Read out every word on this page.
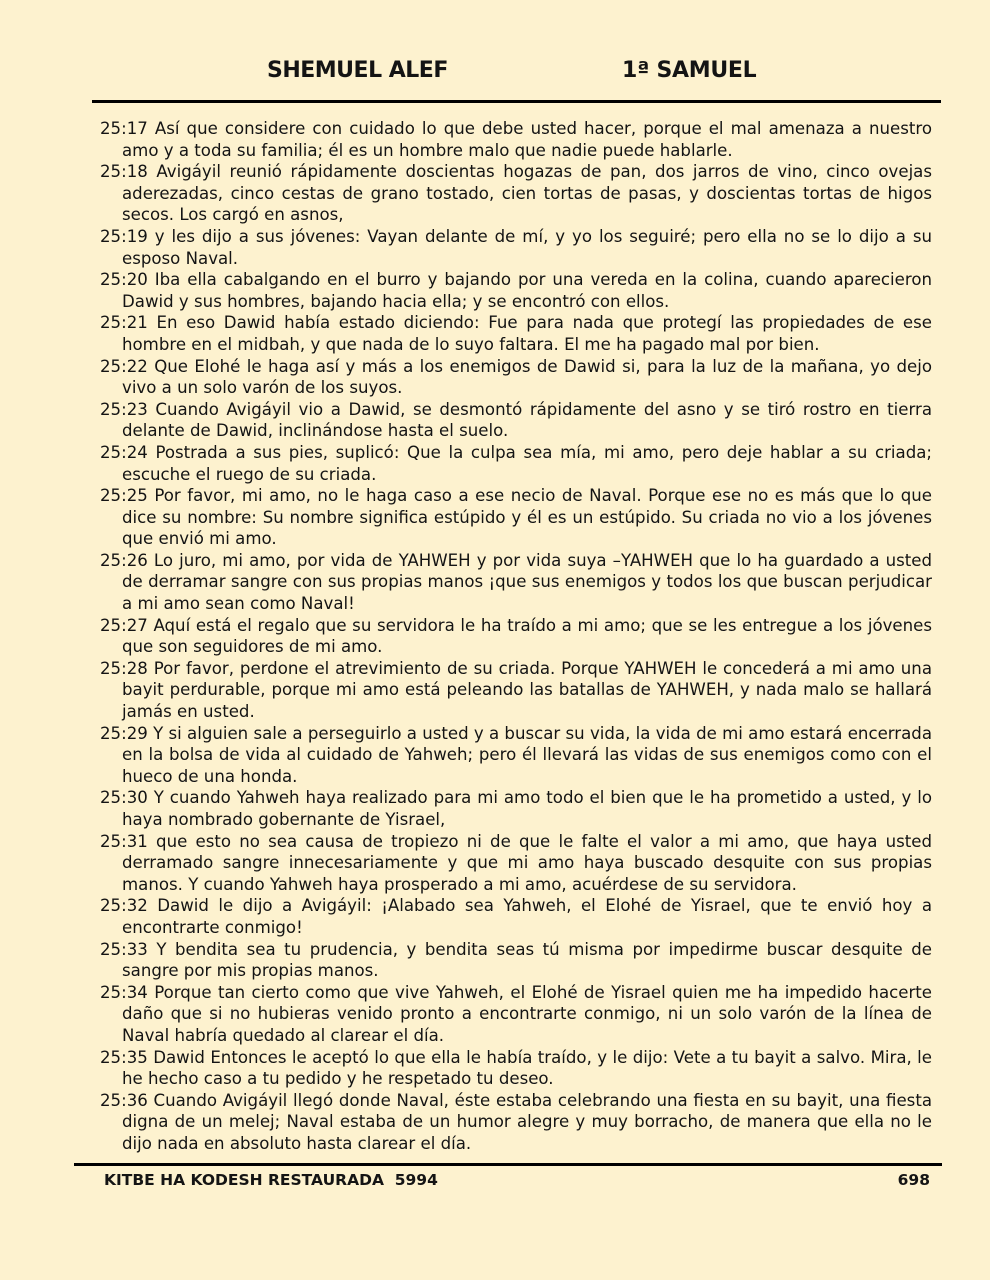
SHEMUEL ALEF	1ª SAMUEL

25:17 Así que considere con cuidado lo que debe usted hacer, porque el mal amenaza a nuestro amo y a toda su familia; él es un hombre malo que nadie puede hablarle.

25:18 Avigáyil reunió rápidamente doscientas hogazas de pan, dos jarros de vino, cinco ovejas aderezadas, cinco cestas de grano tostado, cien tortas de pasas, y doscientas tortas de higos secos. Los cargó en asnos,

25:19 y les dijo a sus jóvenes: Vayan delante de mí, y yo los seguiré; pero ella no se lo dijo a su esposo Naval.

25:20 Iba ella cabalgando en el burro y bajando por una vereda en la colina, cuando aparecieron Dawid y sus hombres, bajando hacia ella; y se encontró con ellos.

25:21 En eso Dawid había estado diciendo: Fue para nada que protegí las propiedades de ese hombre en el midbah, y que nada de lo suyo faltara. El me ha pagado mal por bien.

25:22 Que Elohé le haga así y más a los enemigos de Dawid si, para la luz de la mañana, yo dejo vivo a un solo varón de los suyos.

25:23 Cuando Avigáyil vio a Dawid, se desmontó rápidamente del asno y se tiró rostro en tierra delante de Dawid, inclinándose hasta el suelo.

25:24 Postrada a sus pies, suplicó: Que la culpa sea mía, mi amo, pero deje hablar a su criada; escuche el ruego de su criada.

25:25 Por favor, mi amo, no le haga caso a ese necio de Naval. Porque ese no es más que lo que dice su nombre: Su nombre significa estúpido y él es un estúpido. Su criada no vio a los jóvenes que envió mi amo.

25:26 Lo juro, mi amo, por vida de YAHWEH y por vida suya –YAHWEH que lo ha guardado a usted de derramar sangre con sus propias manos ¡que sus enemigos y todos los que buscan perjudicar a mi amo sean como Naval!

25:27 Aquí está el regalo que su servidora le ha traído a mi amo; que se les entregue a los jóvenes que son seguidores de mi amo.

25:28 Por favor, perdone el atrevimiento de su criada. Porque YAHWEH le concederá a mi amo una bayit perdurable, porque mi amo está peleando las batallas de YAHWEH, y nada malo se hallará jamás en usted.

25:29 Y si alguien sale a perseguirlo a usted y a buscar su vida, la vida de mi amo estará encerrada en la bolsa de vida al cuidado de Yahweh; pero él llevará las vidas de sus enemigos como con el hueco de una honda.

25:30 Y cuando Yahweh haya realizado para mi amo todo el bien que le ha prometido a usted, y lo haya nombrado gobernante de Yisrael,

25:31 que esto no sea causa de tropiezo ni de que le falte el valor a mi amo, que haya usted derramado sangre innecesariamente y que mi amo haya buscado desquite con sus propias manos. Y cuando Yahweh haya prosperado a mi amo, acuérdese de su servidora.

25:32 Dawid le dijo a Avigáyil: ¡Alabado sea Yahweh, el Elohé de Yisrael, que te envió hoy a encontrarte conmigo!

25:33 Y bendita sea tu prudencia, y bendita seas tú misma por impedirme buscar desquite de sangre por mis propias manos.

25:34 Porque tan cierto como que vive Yahweh, el Elohé de Yisrael quien me ha impedido hacerte daño que si no hubieras venido pronto a encontrarte conmigo, ni un solo varón de la línea de Naval habría quedado al clarear el día.

25:35 Dawid Entonces le aceptó lo que ella le había traído, y le dijo: Vete a tu bayit a salvo. Mira, le he hecho caso a tu pedido y he respetado tu deseo.

25:36 Cuando Avigáyil llegó donde Naval, éste estaba celebrando una fiesta en su bayit, una fiesta digna de un melej; Naval estaba de un humor alegre y muy borracho, de manera que ella no le dijo nada en absoluto hasta clarear el día.

KITBE HA KODESH RESTAURADA  5994	698
